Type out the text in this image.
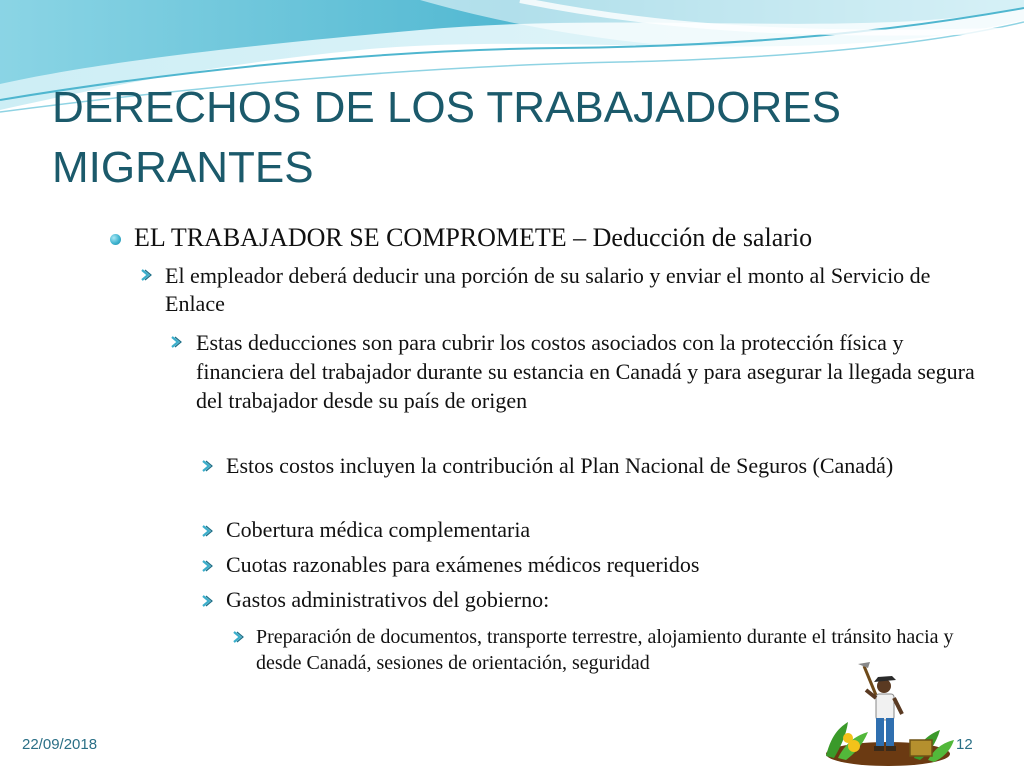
DERECHOS DE LOS TRABAJADORES
MIGRANTES
EL TRABAJADOR SE COMPROMETE – Deducción de salario
El empleador deberá deducir una porción de su salario y enviar el monto al Servicio de Enlace
Estas deducciones son para cubrir los costos asociados con la protección física y financiera del trabajador durante su estancia en Canadá y para asegurar la llegada segura del trabajador desde su país de origen
Estos costos incluyen la contribución al Plan Nacional de Seguros (Canadá)
Cobertura médica complementaria
Cuotas razonables para exámenes médicos requeridos
Gastos administrativos del gobierno:
Preparación de documentos, transporte terrestre, alojamiento durante el tránsito hacia y desde Canadá, sesiones de orientación, seguridad
22/09/2018	12
